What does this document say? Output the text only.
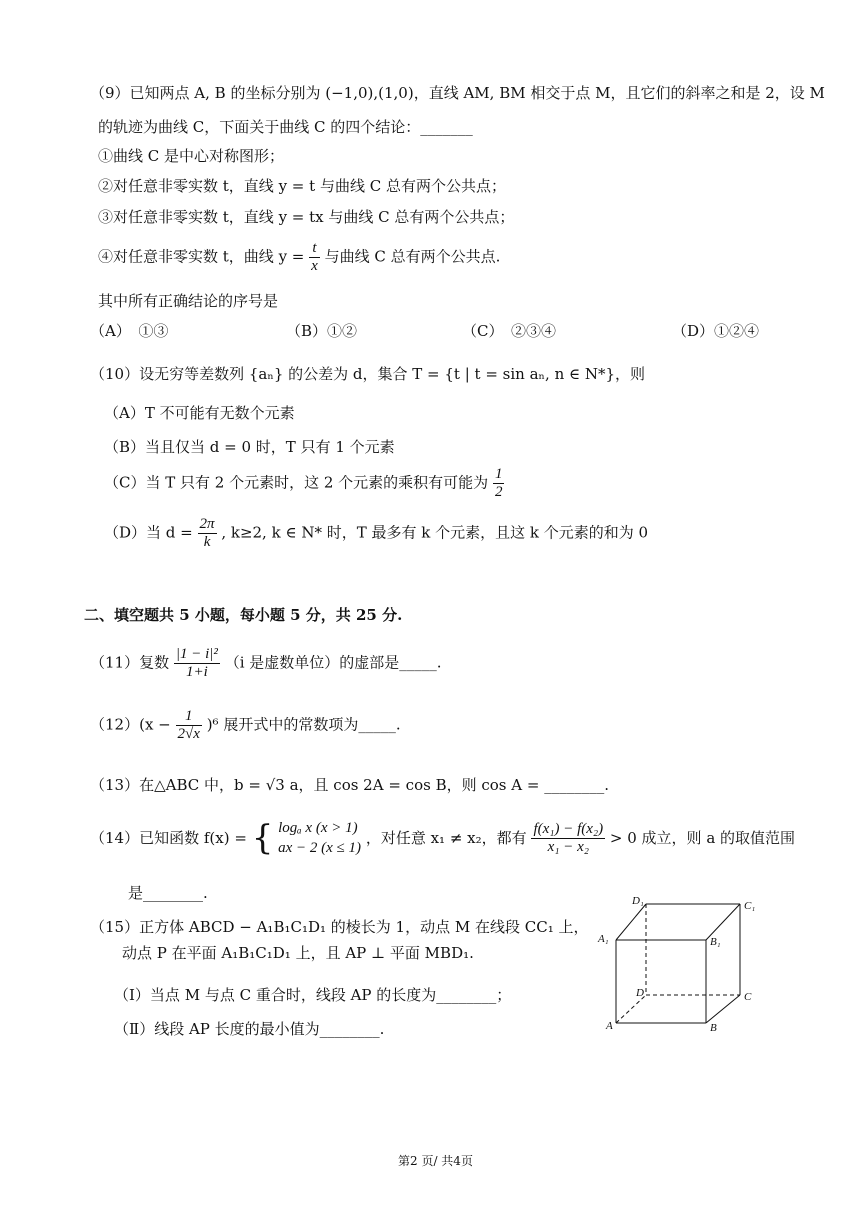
（9）已知两点 A, B 的坐标分别为 (−1,0),(1,0)，直线 AM, BM 相交于点 M，且它们的斜率之和是 2，设 M
的轨迹为曲线 C，下面关于曲线 C 的四个结论：_______
①曲线 C 是中心对称图形；
②对任意非零实数 t，直线 y = t 与曲线 C 总有两个公共点；
③对任意非零实数 t，直线 y = tx 与曲线 C 总有两个公共点；
④对任意非零实数 t，曲线 $y = \frac{t}{x}$ 与曲线 C 总有两个公共点.
其中所有正确结论的序号是
（A）　①③	（B）①②	（C）　②③④	（D）①②④
（10）设无穷等差数列 {aₙ} 的公差为 d，集合 T = {t | t = sin aₙ, n ∈ N*}，则
（A）T 不可能有无数个元素
（B）当且仅当 d = 0 时，T 只有 1 个元素
（C）当 T 只有 2 个元素时，这 2 个元素的乘积有可能为 $\frac{1}{2}$
（D）当 $d = \frac{2\pi}{k}$ , k≥2, k ∈ N* 时，T 最多有 k 个元素，且这 k 个元素的和为 0
二、填空题共 5 小题，每小题 5 分，共 25 分.
（11）复数 $\frac{\text{|1 − i|²}}{1+i} (i$ 是虚数单位）的虚部是_____.
$(12)(x - \frac{1}{2√x} )^6$ 展开式中的常数项为_____.
（13）在△ABC 中，b = √3 a，且 cos 2A = cos B，则 cos A = ________.
（14）已知函数 f(x) = { logₐ x (x > 1)
ax − 2 (x ≤ 1)
，对任意 x₁ ≠ x₂，都有 $\frac{\text{f(x₁) − f(x₂)}}{\text{x₁ − x₂}} > 0$ 成立，则 a 的取值范围
是________.
（15）正方体 ABCD − A₁B₁C₁D₁ 的棱长为 1，动点 M 在线段 CC₁ 上，
动点 P 在平面 A₁B₁C₁D₁ 上，且 AP ⊥ 平面 MBD₁.
（Ⅰ）当点 M 与点 C 重合时，线段 AP 的长度为________；
（Ⅱ）线段 AP 长度的最小值为________.
D₁	C₁
A₁	B₁
D	C
A	B
第2 页/ 共4页
